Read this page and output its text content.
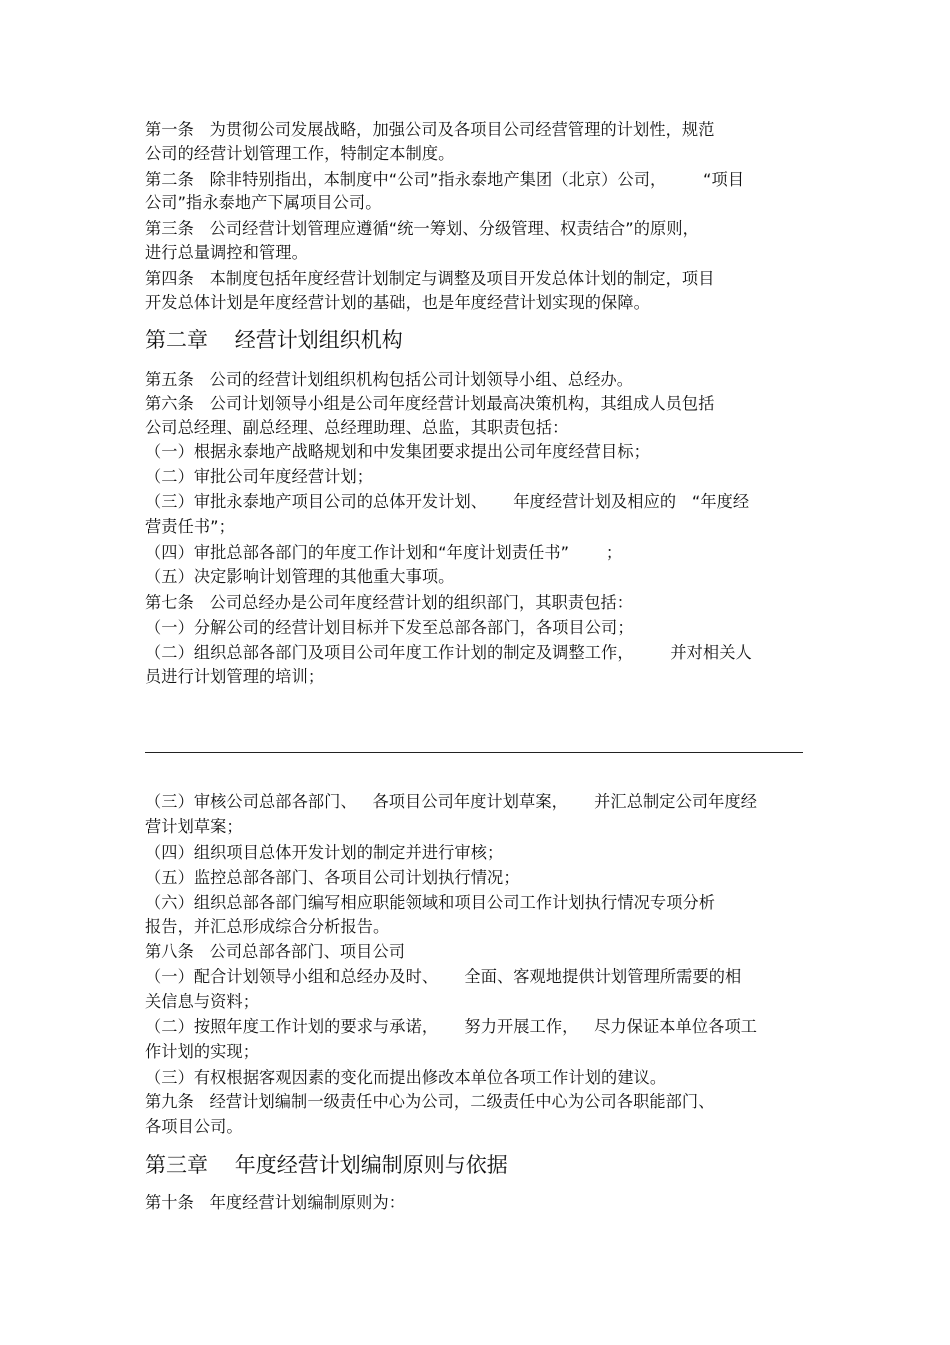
第一条   为贯彻公司发展战略，加强公司及各项目公司经营管理的计划性，规范
公司的经营计划管理工作，特制定本制度。
第二条   除非特别指出，本制度中“公司”指永泰地产集团（北京）公司，       “项目
公司”指永泰地产下属项目公司。
第三条   公司经营计划管理应遵循“统一筹划、分级管理、权责结合”的原则，
进行总量调控和管理。
第四条   本制度包括年度经营计划制定与调整及项目开发总体计划的制定，项目
开发总体计划是年度经营计划的基础，也是年度经营计划实现的保障。
第二章    经营计划组织机构
第五条   公司的经营计划组织机构包括公司计划领导小组、总经办。
第六条   公司计划领导小组是公司年度经营计划最高决策机构，其组成人员包括
公司总经理、副总经理、总经理助理、总监，其职责包括：
（一）根据永泰地产战略规划和中发集团要求提出公司年度经营目标；
（二）审批公司年度经营计划；
（三）审批永泰地产项目公司的总体开发计划、     年度经营计划及相应的   “年度经
营责任书”；
（四）审批总部各部门的年度工作计划和“年度计划责任书”       ；
（五）决定影响计划管理的其他重大事项。
第七条   公司总经办是公司年度经营计划的组织部门，其职责包括：
（一）分解公司的经营计划目标并下发至总部各部门，各项目公司；
（二）组织总部各部门及项目公司年度工作计划的制定及调整工作，       并对相关人
员进行计划管理的培训；
（三）审核公司总部各部门、   各项目公司年度计划草案，     并汇总制定公司年度经
营计划草案；
（四）组织项目总体开发计划的制定并进行审核；
（五）监控总部各部门、各项目公司计划执行情况；
（六）组织总部各部门编写相应职能领域和项目公司工作计划执行情况专项分析
报告，并汇总形成综合分析报告。
第八条   公司总部各部门、项目公司
（一）配合计划领导小组和总经办及时、     全面、客观地提供计划管理所需要的相
关信息与资料；
（二）按照年度工作计划的要求与承诺，     努力开展工作，   尽力保证本单位各项工
作计划的实现；
（三）有权根据客观因素的变化而提出修改本单位各项工作计划的建议。
第九条   经营计划编制一级责任中心为公司，二级责任中心为公司各职能部门、
各项目公司。
第三章    年度经营计划编制原则与依据
第十条   年度经营计划编制原则为：
